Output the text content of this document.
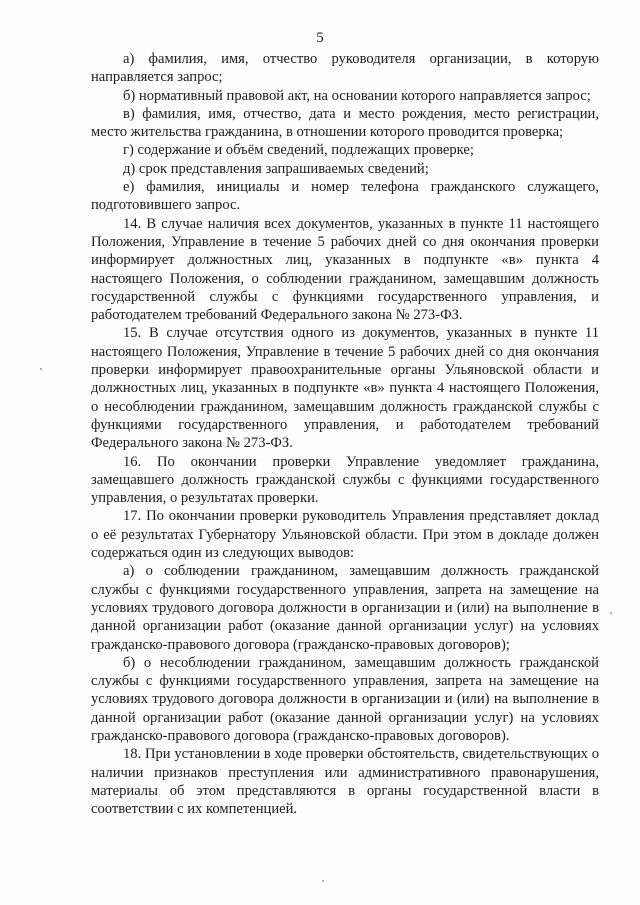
5

а) фамилия, имя, отчество руководителя организации, в которую направляется запрос;

б) нормативный правовой акт, на основании которого направляется запрос;

в) фамилия, имя, отчество, дата и место рождения, место регистрации, место жительства гражданина, в отношении которого проводится проверка;

г) содержание и объём сведений, подлежащих проверке;

д) срок представления запрашиваемых сведений;

е) фамилия, инициалы и номер телефона гражданского служащего, подготовившего запрос.

14. В случае наличия всех документов, указанных в пункте 11 настоящего Положения, Управление в течение 5 рабочих дней со дня окончания проверки информирует должностных лиц, указанных в подпункте «в» пункта 4 настоящего Положения, о соблюдении гражданином, замещавшим должность государственной службы с функциями государственного управления, и работодателем требований Федерального закона № 273-ФЗ.

15. В случае отсутствия одного из документов, указанных в пункте 11 настоящего Положения, Управление в течение 5 рабочих дней со дня окончания проверки информирует правоохранительные органы Ульяновской области и должностных лиц, указанных в подпункте «в» пункта 4 настоящего Положения, о несоблюдении гражданином, замещавшим должность гражданской службы с функциями государственного управления, и работодателем требований Федерального закона № 273-ФЗ.

16. По окончании проверки Управление уведомляет гражданина, замещавшего должность гражданской службы с функциями государственного управления, о результатах проверки.

17. По окончании проверки руководитель Управления представляет доклад о её результатах Губернатору Ульяновской области. При этом в докладе должен содержаться один из следующих выводов:

а) о соблюдении гражданином, замещавшим должность гражданской службы с функциями государственного управления, запрета на замещение на условиях трудового договора должности в организации и (или) на выполнение в данной организации работ (оказание данной организации услуг) на условиях гражданско-правового договора (гражданско-правовых договоров);

б) о несоблюдении гражданином, замещавшим должность гражданской службы с функциями государственного управления, запрета на замещение на условиях трудового договора должности в организации и (или) на выполнение в данной организации работ (оказание данной организации услуг) на условиях гражданско-правового договора (гражданско-правовых договоров).

18. При установлении в ходе проверки обстоятельств, свидетельствующих о наличии признаков преступления или административного правонарушения, материалы об этом представляются в органы государственной власти в соответствии с их компетенцией.
